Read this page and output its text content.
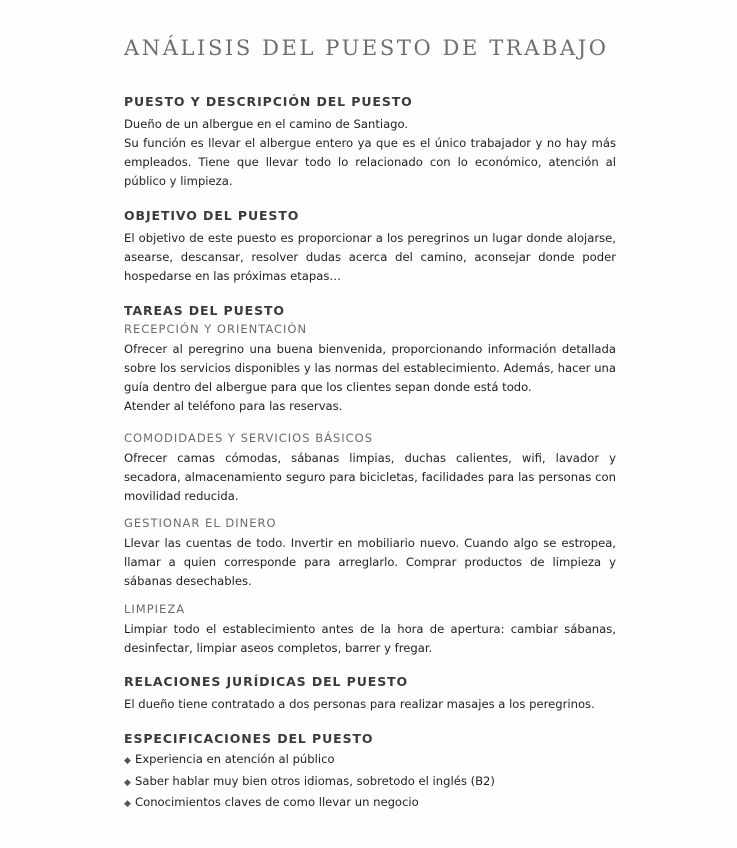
ANÁLISIS DEL PUESTO DE TRABAJO
PUESTO Y DESCRIPCIÓN DEL PUESTO

Dueño de un albergue en el camino de Santiago.

Su función es llevar el albergue entero ya que es el único trabajador y no hay más empleados. Tiene que llevar todo lo relacionado con lo económico, atención al público y limpieza.

OBJETIVO DEL PUESTO

El objetivo de este puesto es proporcionar a los peregrinos un lugar donde alojarse, asearse, descansar, resolver dudas acerca del camino, aconsejar donde poder hospedarse en las próximas etapas…

TAREAS DEL PUESTO
RECEPCIÓN Y ORIENTACIÓN

Ofrecer al peregrino una buena bienvenida, proporcionando información detallada sobre los servicios disponibles y las normas del establecimiento. Además, hacer una guía dentro del albergue para que los clientes sepan donde está todo.

Atender al teléfono para las reservas.

COMODIDADES Y SERVICIOS BÁSICOS

Ofrecer camas cómodas, sábanas limpias, duchas calientes, wifi, lavador y secadora, almacenamiento seguro para bicicletas, facilidades para las personas con movilidad reducida.

GESTIONAR EL DINERO

Llevar las cuentas de todo. Invertir en mobiliario nuevo. Cuando algo se estropea, llamar a quien corresponde para arreglarlo. Comprar productos de limpieza y sábanas desechables.

LIMPIEZA

Limpiar todo el establecimiento antes de la hora de apertura: cambiar sábanas, desinfectar, limpiar aseos completos, barrer y fregar.

RELACIONES JURÍDICAS DEL PUESTO

El dueño tiene contratado a dos personas para realizar masajes a los peregrinos.

ESPECIFICACIONES DEL PUESTO
◆ Experiencia en atención al público
◆ Saber hablar muy bien otros idiomas, sobretodo el inglés (B2)
◆ Conocimientos claves de como llevar un negocio
